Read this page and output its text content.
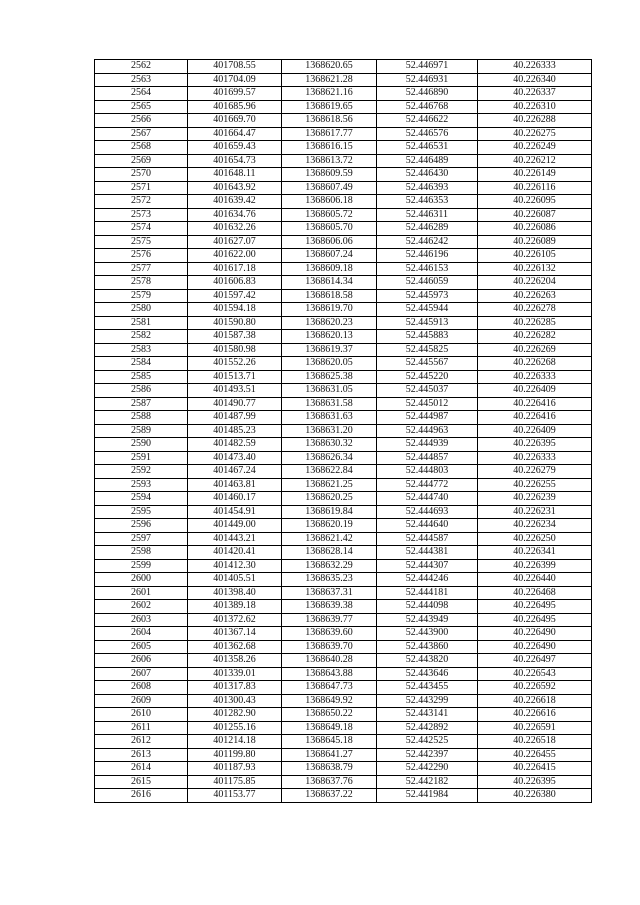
2562	401708.55	1368620.65	52.446971	40.226333
2563	401704.09	1368621.28	52.446931	40.226340
2564	401699.57	1368621.16	52.446890	40.226337
2565	401685.96	1368619.65	52.446768	40.226310
2566	401669.70	1368618.56	52.446622	40.226288
2567	401664.47	1368617.77	52.446576	40.226275
2568	401659.43	1368616.15	52.446531	40.226249
2569	401654.73	1368613.72	52.446489	40.226212
2570	401648.11	1368609.59	52.446430	40.226149
2571	401643.92	1368607.49	52.446393	40.226116
2572	401639.42	1368606.18	52.446353	40.226095
2573	401634.76	1368605.72	52.446311	40.226087
2574	401632.26	1368605.70	52.446289	40.226086
2575	401627.07	1368606.06	52.446242	40.226089
2576	401622.00	1368607.24	52.446196	40.226105
2577	401617.18	1368609.18	52.446153	40.226132
2578	401606.83	1368614.34	52.446059	40.226204
2579	401597.42	1368618.58	52.445973	40.226263
2580	401594.18	1368619.70	52.445944	40.226278
2581	401590.80	1368620.23	52.445913	40.226285
2582	401587.38	1368620.13	52.445883	40.226282
2583	401580.98	1368619.37	52.445825	40.226269
2584	401552.26	1368620.05	52.445567	40.226268
2585	401513.71	1368625.38	52.445220	40.226333
2586	401493.51	1368631.05	52.445037	40.226409
2587	401490.77	1368631.58	52.445012	40.226416
2588	401487.99	1368631.63	52.444987	40.226416
2589	401485.23	1368631.20	52.444963	40.226409
2590	401482.59	1368630.32	52.444939	40.226395
2591	401473.40	1368626.34	52.444857	40.226333
2592	401467.24	1368622.84	52.444803	40.226279
2593	401463.81	1368621.25	52.444772	40.226255
2594	401460.17	1368620.25	52.444740	40.226239
2595	401454.91	1368619.84	52.444693	40.226231
2596	401449.00	1368620.19	52.444640	40.226234
2597	401443.21	1368621.42	52.444587	40.226250
2598	401420.41	1368628.14	52.444381	40.226341
2599	401412.30	1368632.29	52.444307	40.226399
2600	401405.51	1368635.23	52.444246	40.226440
2601	401398.40	1368637.31	52.444181	40.226468
2602	401389.18	1368639.38	52.444098	40.226495
2603	401372.62	1368639.77	52.443949	40.226495
2604	401367.14	1368639.60	52.443900	40.226490
2605	401362.68	1368639.70	52.443860	40.226490
2606	401358.26	1368640.28	52.443820	40.226497
2607	401339.01	1368643.88	52.443646	40.226543
2608	401317.83	1368647.73	52.443455	40.226592
2609	401300.43	1368649.92	52.443299	40.226618
2610	401282.90	1368650.22	52.443141	40.226616
2611	401255.16	1368649.18	52.442892	40.226591
2612	401214.18	1368645.18	52.442525	40.226518
2613	401199.80	1368641.27	52.442397	40.226455
2614	401187.93	1368638.79	52.442290	40.226415
2615	401175.85	1368637.76	52.442182	40.226395
2616	401153.77	1368637.22	52.441984	40.226380
